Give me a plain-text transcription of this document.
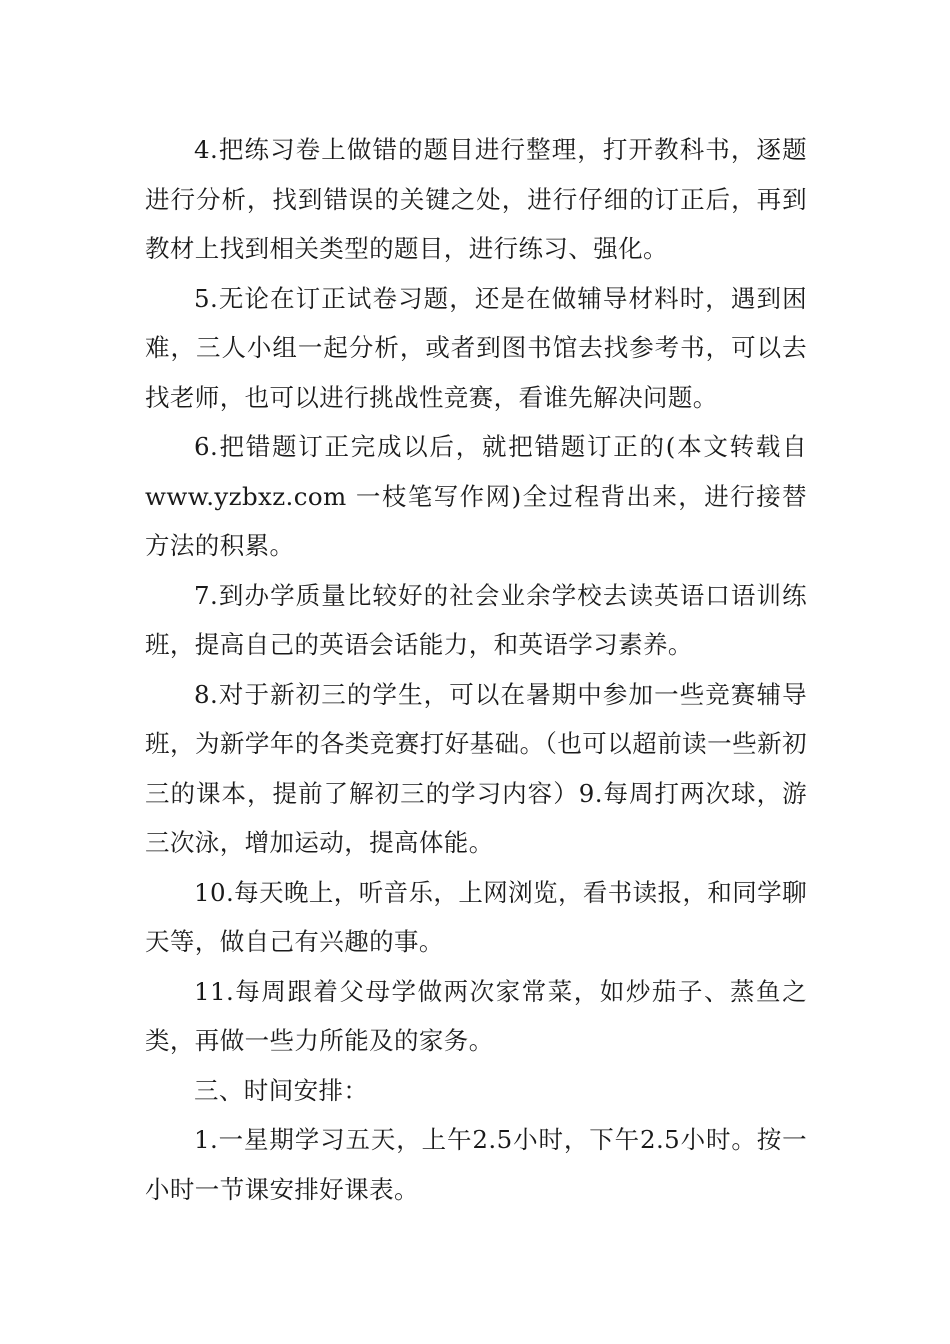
4.把练习卷上做错的题目进行整理，打开教科书，逐题进行分析，找到错误的关键之处，进行仔细的订正后，再到教材上找到相关类型的题目，进行练习、强化。

5.无论在订正试卷习题，还是在做辅导材料时，遇到困难，三人小组一起分析，或者到图书馆去找参考书，可以去找老师，也可以进行挑战性竞赛，看谁先解决问题。

6.把错题订正完成以后，就把错题订正的(本文转载自www.yzbxz.com 一枝笔写作网)全过程背出来，进行接替方法的积累。

7.到办学质量比较好的社会业余学校去读英语口语训练班，提高自己的英语会话能力，和英语学习素养。

8.对于新初三的学生，可以在暑期中参加一些竞赛辅导班，为新学年的各类竞赛打好基础。（也可以超前读一些新初三的课本，提前了解初三的学习内容）9.每周打两次球，游三次泳，增加运动，提高体能。

10.每天晚上，听音乐，上网浏览，看书读报，和同学聊天等，做自己有兴趣的事。

11.每周跟着父母学做两次家常菜，如炒茄子、蒸鱼之类，再做一些力所能及的家务。

三、时间安排：

1.一星期学习五天，上午2.5小时，下午2.5小时。按一小时一节课安排好课表。
